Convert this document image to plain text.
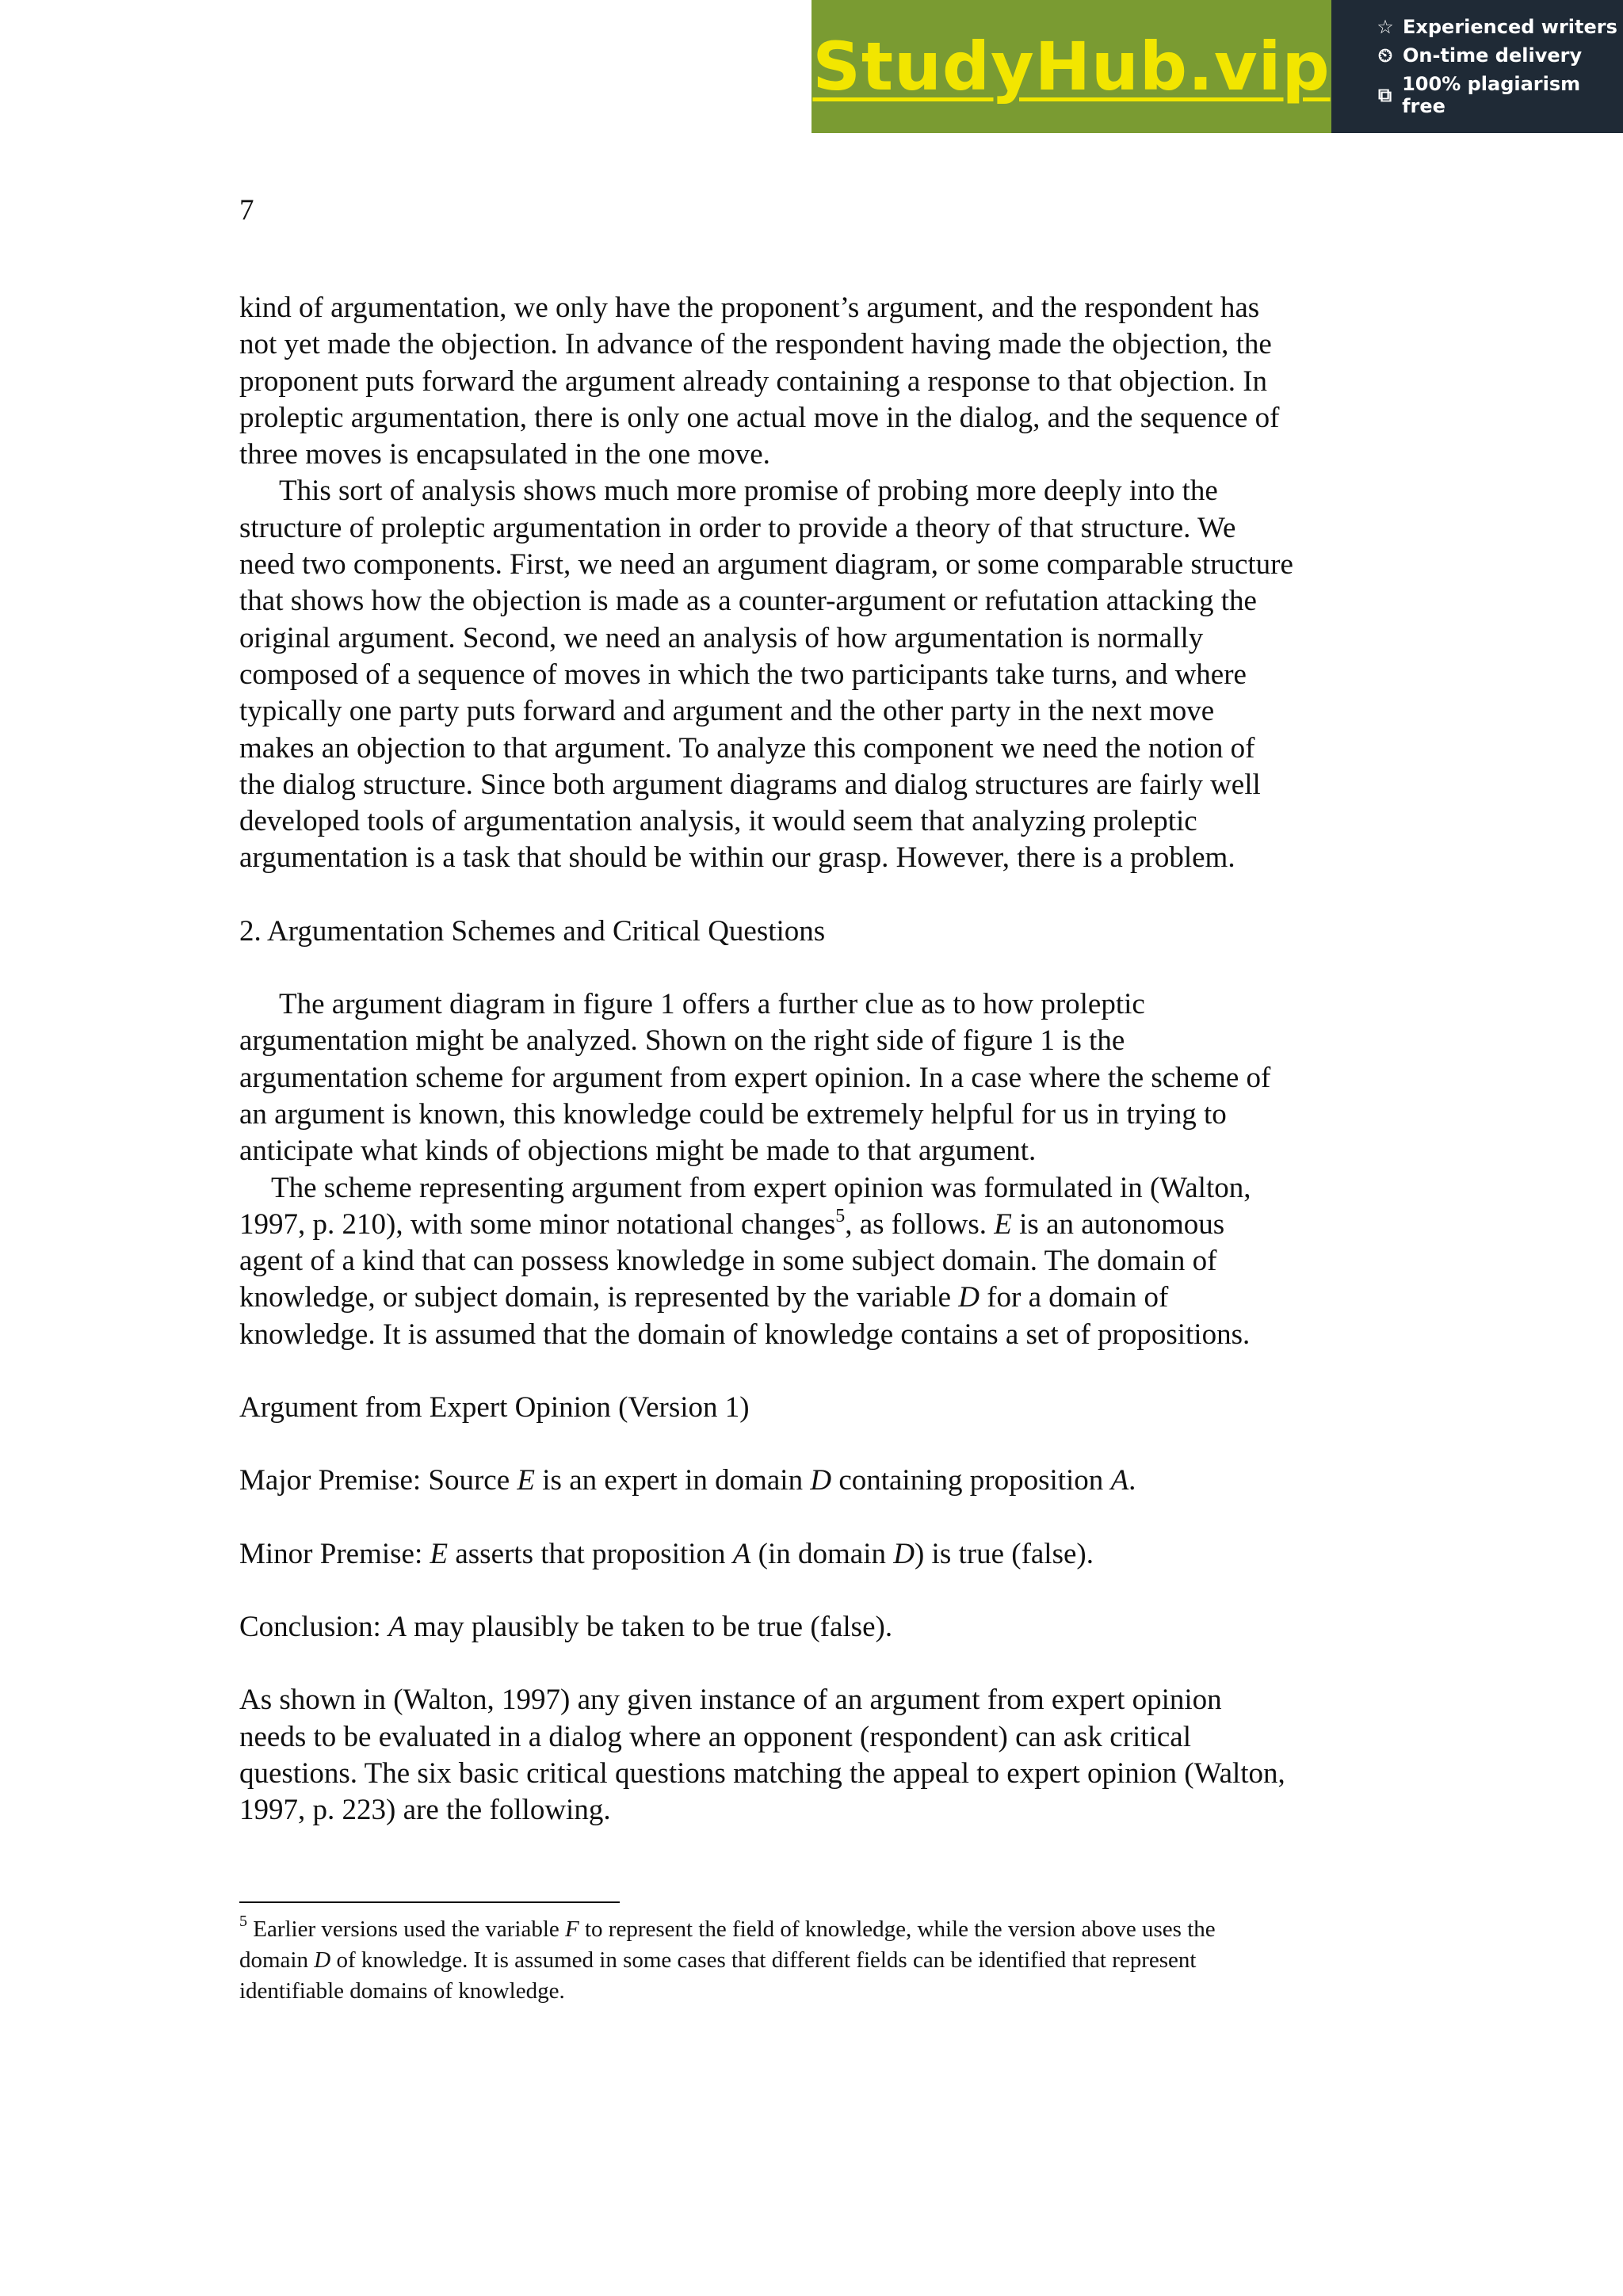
StudyHub.vip
☆ Experienced writers
⏲ On-time delivery
⧉ 100% plagiarism free
7
kind of argumentation, we only have the proponent’s argument, and the respondent has
not yet made the objection. In advance of the respondent having made the objection, the
proponent puts forward the argument already containing a response to that objection. In
proleptic argumentation, there is only one actual move in the dialog, and the sequence of
three moves is encapsulated in the one move.
This sort of analysis shows much more promise of probing more deeply into the
structure of proleptic argumentation in order to provide a theory of that structure. We
need two components. First, we need an argument diagram, or some comparable structure
that shows how the objection is made as a counter-argument or refutation attacking the
original argument. Second, we need an analysis of how argumentation is normally
composed of a sequence of moves in which the two participants take turns, and where
typically one party puts forward and argument and the other party in the next move
makes an objection to that argument. To analyze this component we need the notion of
the dialog structure. Since both argument diagrams and dialog structures are fairly well
developed tools of argumentation analysis, it would seem that analyzing proleptic
argumentation is a task that should be within our grasp. However, there is a problem.
2. Argumentation Schemes and Critical Questions
The argument diagram in figure 1 offers a further clue as to how proleptic
argumentation might be analyzed. Shown on the right side of figure 1 is the
argumentation scheme for argument from expert opinion. In a case where the scheme of
an argument is known, this knowledge could be extremely helpful for us in trying to
anticipate what kinds of objections might be made to that argument.
The scheme representing argument from expert opinion was formulated in (Walton,
1997, p. 210), with some minor notational changes$^5$, as follows. E is an autonomous
agent of a kind that can possess knowledge in some subject domain. The domain of
knowledge, or subject domain, is represented by the variable D for a domain of
knowledge. It is assumed that the domain of knowledge contains a set of propositions.
Argument from Expert Opinion (Version 1)
Major Premise: Source E is an expert in domain D containing proposition A.
Minor Premise: E asserts that proposition A (in domain D) is true (false).
Conclusion: A may plausibly be taken to be true (false).
As shown in (Walton, 1997) any given instance of an argument from expert opinion
needs to be evaluated in a dialog where an opponent (respondent) can ask critical
questions. The six basic critical questions matching the appeal to expert opinion (Walton,
1997, p. 223) are the following.
$^5$ Earlier versions used the variable F to represent the field of knowledge, while the version above uses the
domain D of knowledge. It is assumed in some cases that different fields can be identified that represent
identifiable domains of knowledge.
